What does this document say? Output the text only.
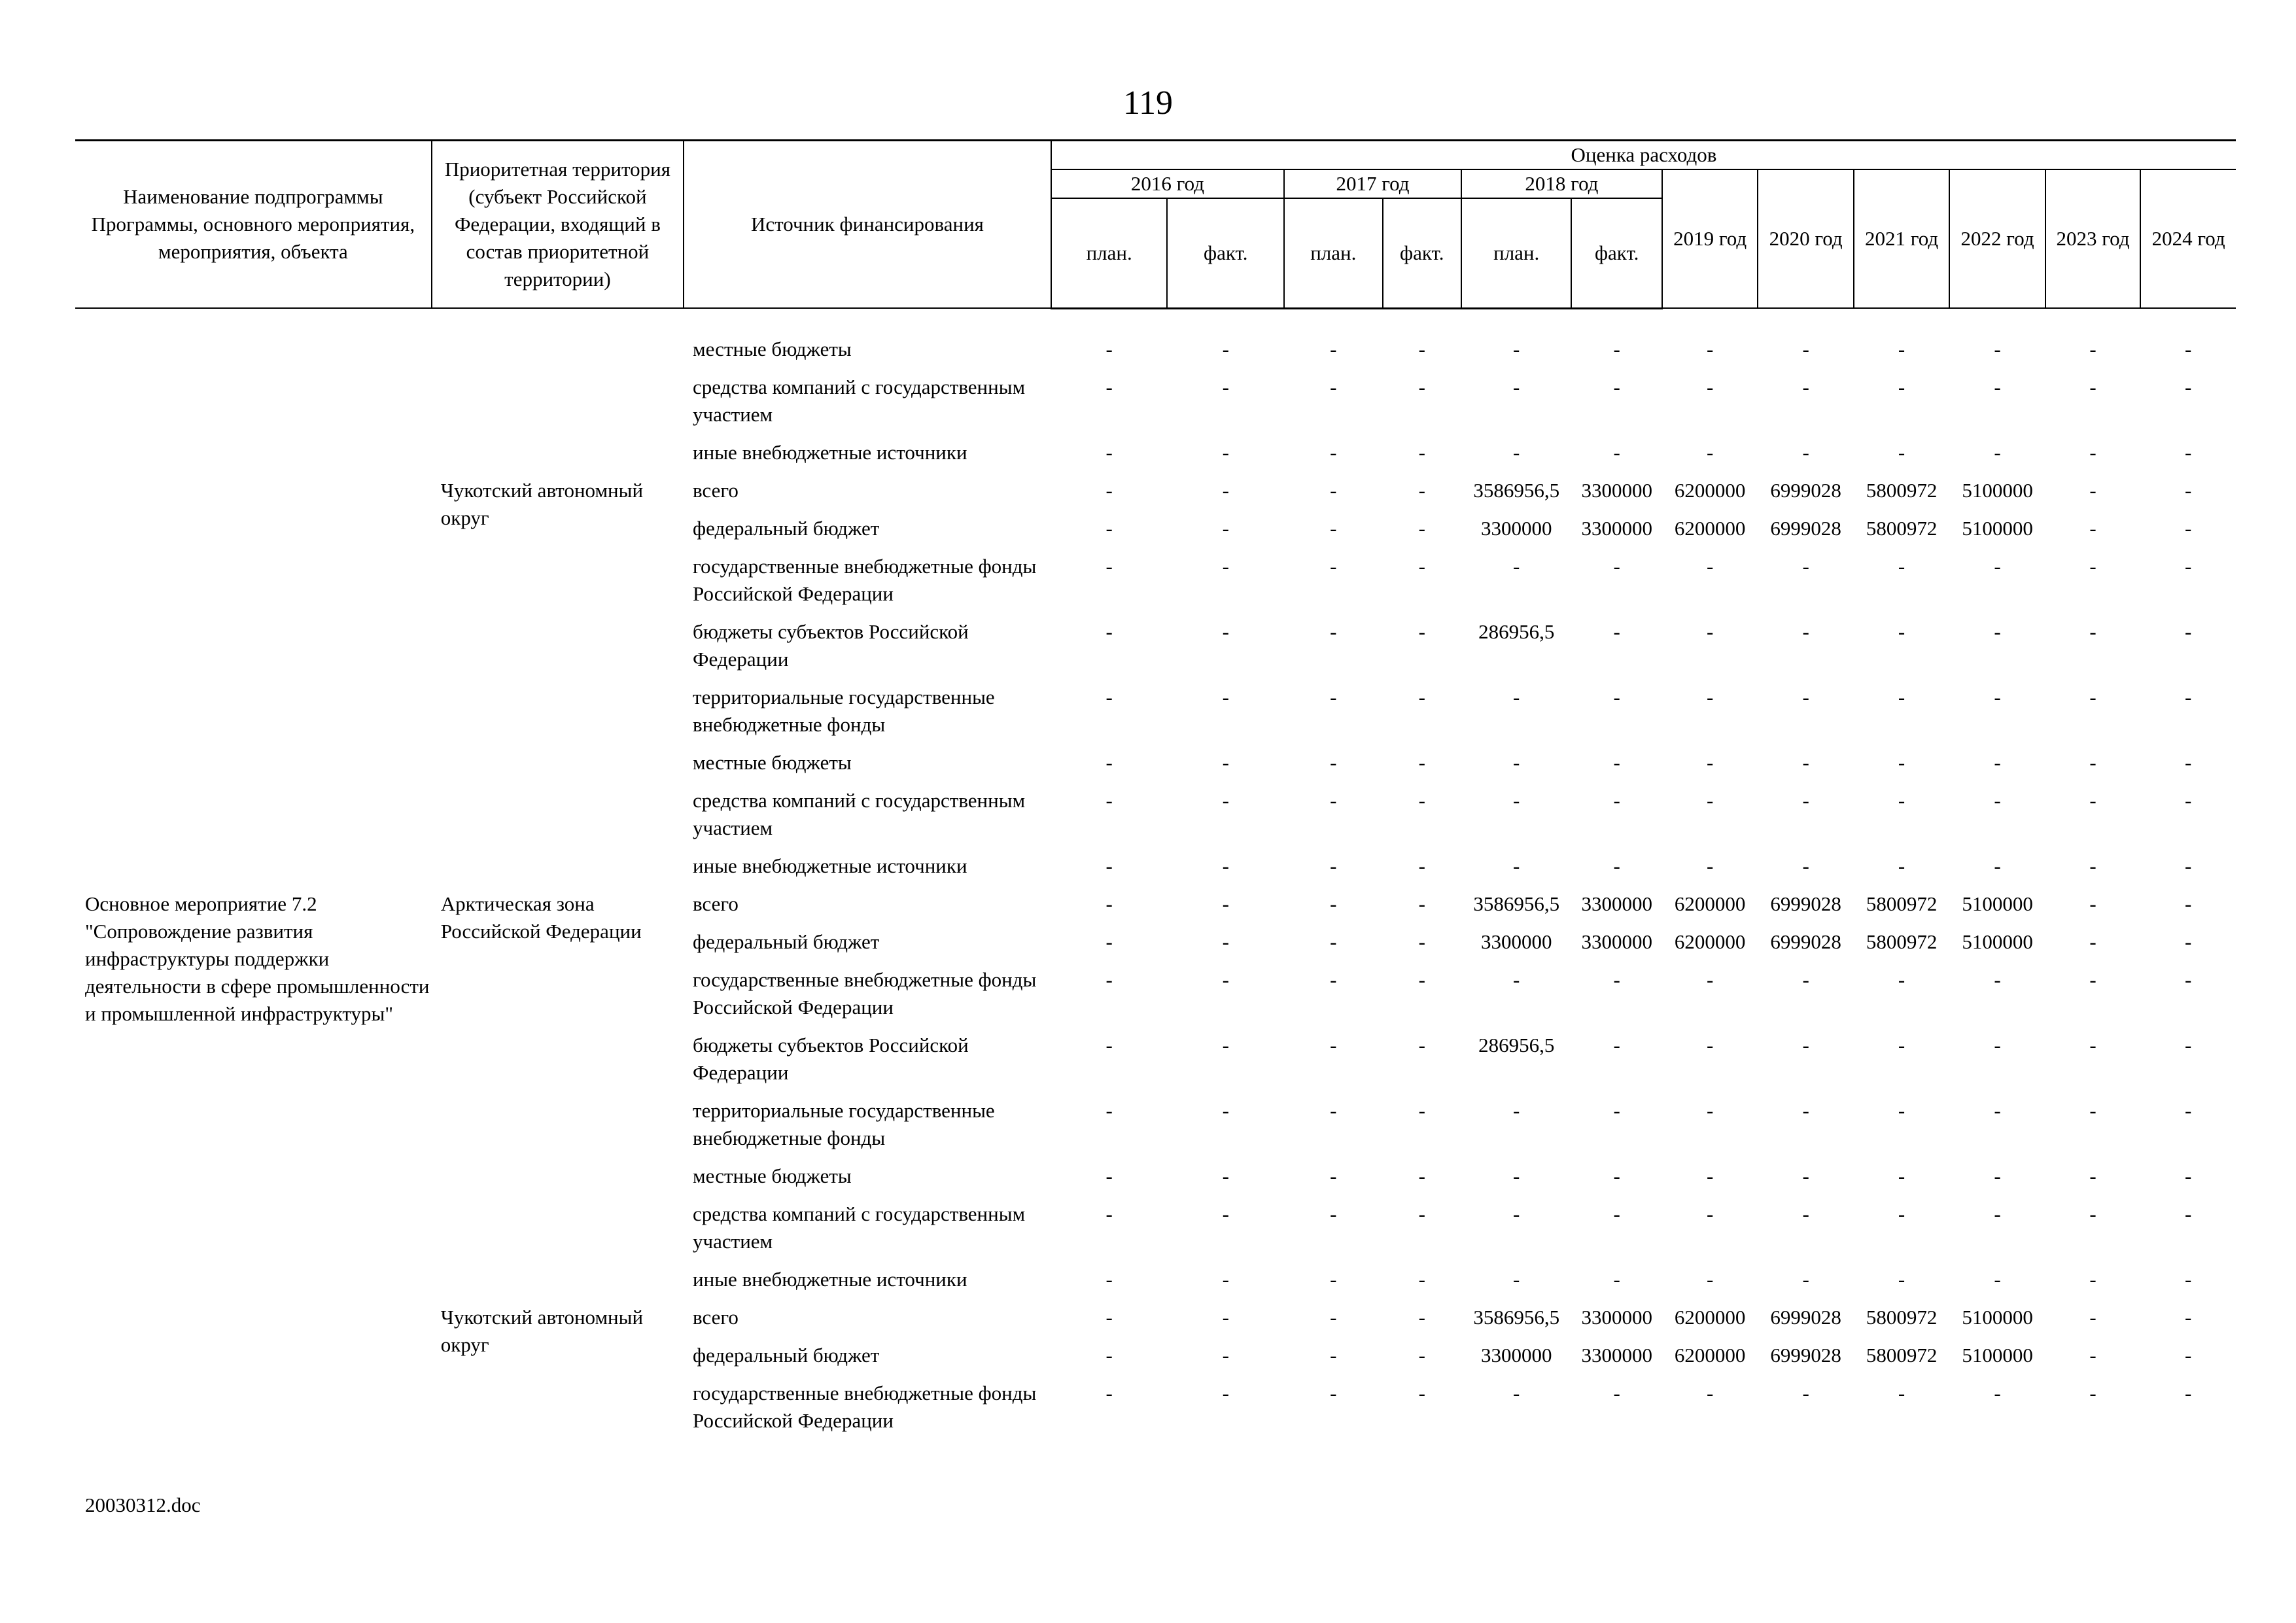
119
Наименование подпрограммы Программы, основного мероприятия, мероприятия, объекта	Приоритетная территория (субъект Российской Федерации, входящий в состав приоритетной территории)	Источник финансирования	Оценка расходов											
			2016 год		2017 год		2018 год		2019 год	2020 год	2021 год	2022 год	2023 год	2024 год
			план.	факт.	план.	факт.	план.	факт.						

		местные бюджеты	-	-	-	-	-	-	-	-	-	-	-	-
		средства компаний с государственным участием	-	-	-	-	-	-	-	-	-	-	-	-
		иные внебюджетные источники	-	-	-	-	-	-	-	-	-	-	-	-
	Чукотский автономный округ	всего	-	-	-	-	3586956,5	3300000	6200000	6999028	5800972	5100000	-	-
		федеральный бюджет	-	-	-	-	3300000	3300000	6200000	6999028	5800972	5100000	-	-
		государственные внебюджетные фонды Российской Федерации	-	-	-	-	-	-	-	-	-	-	-	-
		бюджеты субъектов Российской Федерации	-	-	-	-	286956,5	-	-	-	-	-	-	-
		территориальные государственные внебюджетные фонды	-	-	-	-	-	-	-	-	-	-	-	-
		местные бюджеты	-	-	-	-	-	-	-	-	-	-	-	-
		средства компаний с государственным участием	-	-	-	-	-	-	-	-	-	-	-	-
		иные внебюджетные источники	-	-	-	-	-	-	-	-	-	-	-	-
Основное мероприятие 7.2 "Сопровождение развития инфраструктуры поддержки деятельности в сфере промышленности и промышленной инфраструктуры"	Арктическая зона Российской Федерации	всего	-	-	-	-	3586956,5	3300000	6200000	6999028	5800972	5100000	-	-
		федеральный бюджет	-	-	-	-	3300000	3300000	6200000	6999028	5800972	5100000	-	-
		государственные внебюджетные фонды Российской Федерации	-	-	-	-	-	-	-	-	-	-	-	-
		бюджеты субъектов Российской Федерации	-	-	-	-	286956,5	-	-	-	-	-	-	-
		территориальные государственные внебюджетные фонды	-	-	-	-	-	-	-	-	-	-	-	-
		местные бюджеты	-	-	-	-	-	-	-	-	-	-	-	-
		средства компаний с государственным участием	-	-	-	-	-	-	-	-	-	-	-	-
		иные внебюджетные источники	-	-	-	-	-	-	-	-	-	-	-	-
	Чукотский автономный округ	всего	-	-	-	-	3586956,5	3300000	6200000	6999028	5800972	5100000	-	-
		федеральный бюджет	-	-	-	-	3300000	3300000	6200000	6999028	5800972	5100000	-	-
		государственные внебюджетные фонды Российской Федерации	-	-	-	-	-	-	-	-	-	-	-	-
20030312.doc
